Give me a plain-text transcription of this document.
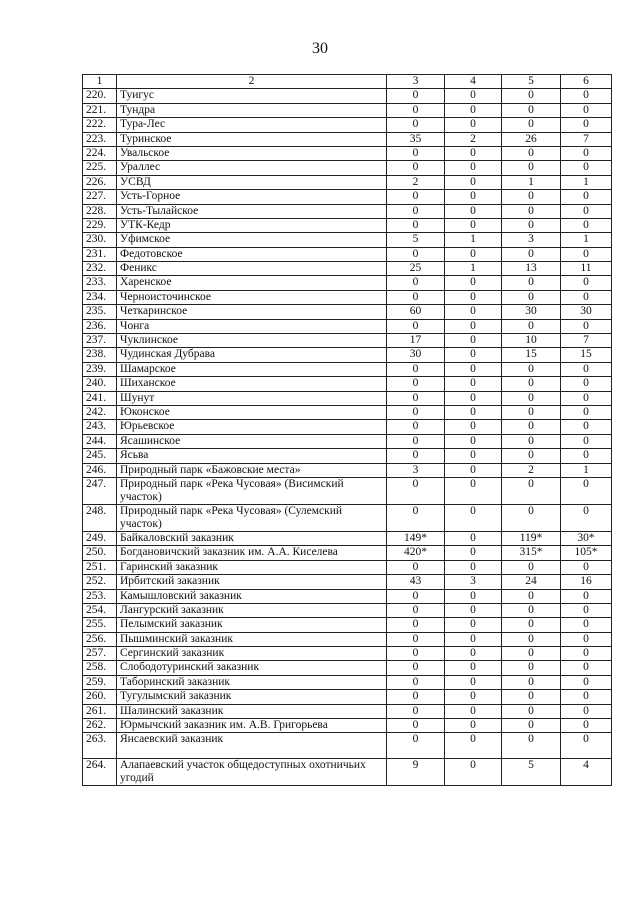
30
1	2	3	4	5	6
220.	Туигус	0	0	0	0
221.	Тундра	0	0	0	0
222.	Тура-Лес	0	0	0	0
223.	Туринское	35	2	26	7
224.	Увальское	0	0	0	0
225.	Ураллес	0	0	0	0
226.	УСВД	2	0	1	1
227.	Усть-Горное	0	0	0	0
228.	Усть-Тылайское	0	0	0	0
229.	УТК-Кедр	0	0	0	0
230.	Уфимское	5	1	3	1
231.	Федотовское	0	0	0	0
232.	Феникс	25	1	13	11
233.	Харенское	0	0	0	0
234.	Черноисточинское	0	0	0	0
235.	Четкаринское	60	0	30	30
236.	Чонга	0	0	0	0
237.	Чуклинское	17	0	10	7
238.	Чудинская Дубрава	30	0	15	15
239.	Шамарское	0	0	0	0
240.	Шиханское	0	0	0	0
241.	Шунут	0	0	0	0
242.	Юконское	0	0	0	0
243.	Юрьевское	0	0	0	0
244.	Ясашинское	0	0	0	0
245.	Ясьва	0	0	0	0
246.	Природный парк «Бажовские места»	3	0	2	1
247.	Природный парк «Река Чусовая» (Висимский участок)	0	0	0	0
248.	Природный парк «Река Чусовая» (Сулемский участок)	0	0	0	0
249.	Байкаловский заказник	149*	0	119*	30*
250.	Богдановичский заказник им. А.А. Киселева	420*	0	315*	105*
251.	Гаринский заказник	0	0	0	0
252.	Ирбитский заказник	43	3	24	16
253.	Камышловский заказник	0	0	0	0
254.	Лангурский заказник	0	0	0	0
255.	Пелымский заказник	0	0	0	0
256.	Пышминский заказник	0	0	0	0
257.	Сергинский заказник	0	0	0	0
258.	Слободотуринский заказник	0	0	0	0
259.	Таборинский заказник	0	0	0	0
260.	Тугулымский заказник	0	0	0	0
261.	Шалинский заказник	0	0	0	0
262.	Юрмычский заказник им. А.В. Григорьева	0	0	0	0
263.	Янсаевский заказник	0	0	0	0
264.	Алапаевский участок общедоступных охотничьих угодий	9	0	5	4
